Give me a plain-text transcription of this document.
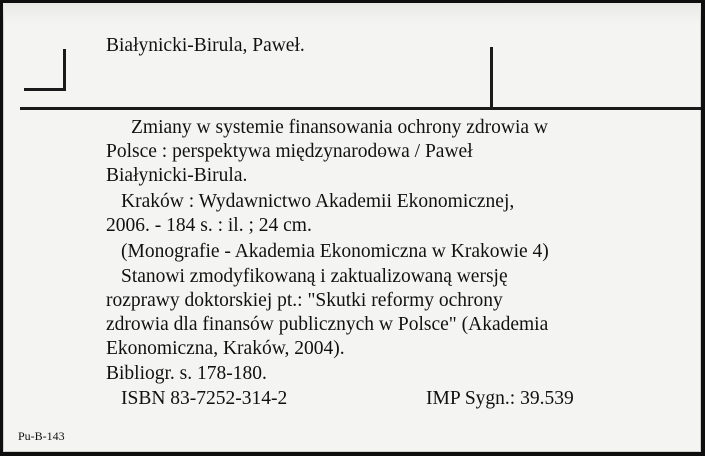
Białynicki-Birula, Paweł.

Zmiany w systemie finansowania ochrony zdrowia w

Polsce : perspektywa międzynarodowa / Paweł

Białynicki-Birula.

Kraków : Wydawnictwo Akademii Ekonomicznej,

2006. - 184 s. : il. ; 24 cm.

(Monografie - Akademia Ekonomiczna w Krakowie 4)

Stanowi zmodyfikowaną i zaktualizowaną wersję

rozprawy doktorskiej pt.: "Skutki reformy ochrony

zdrowia dla finansów publicznych w Polsce" (Akademia

Ekonomiczna, Kraków, 2004).

Bibliogr. s. 178-180.

ISBN 83-7252-314-2	IMP Sygn.: 39.539

Pu-B-143
